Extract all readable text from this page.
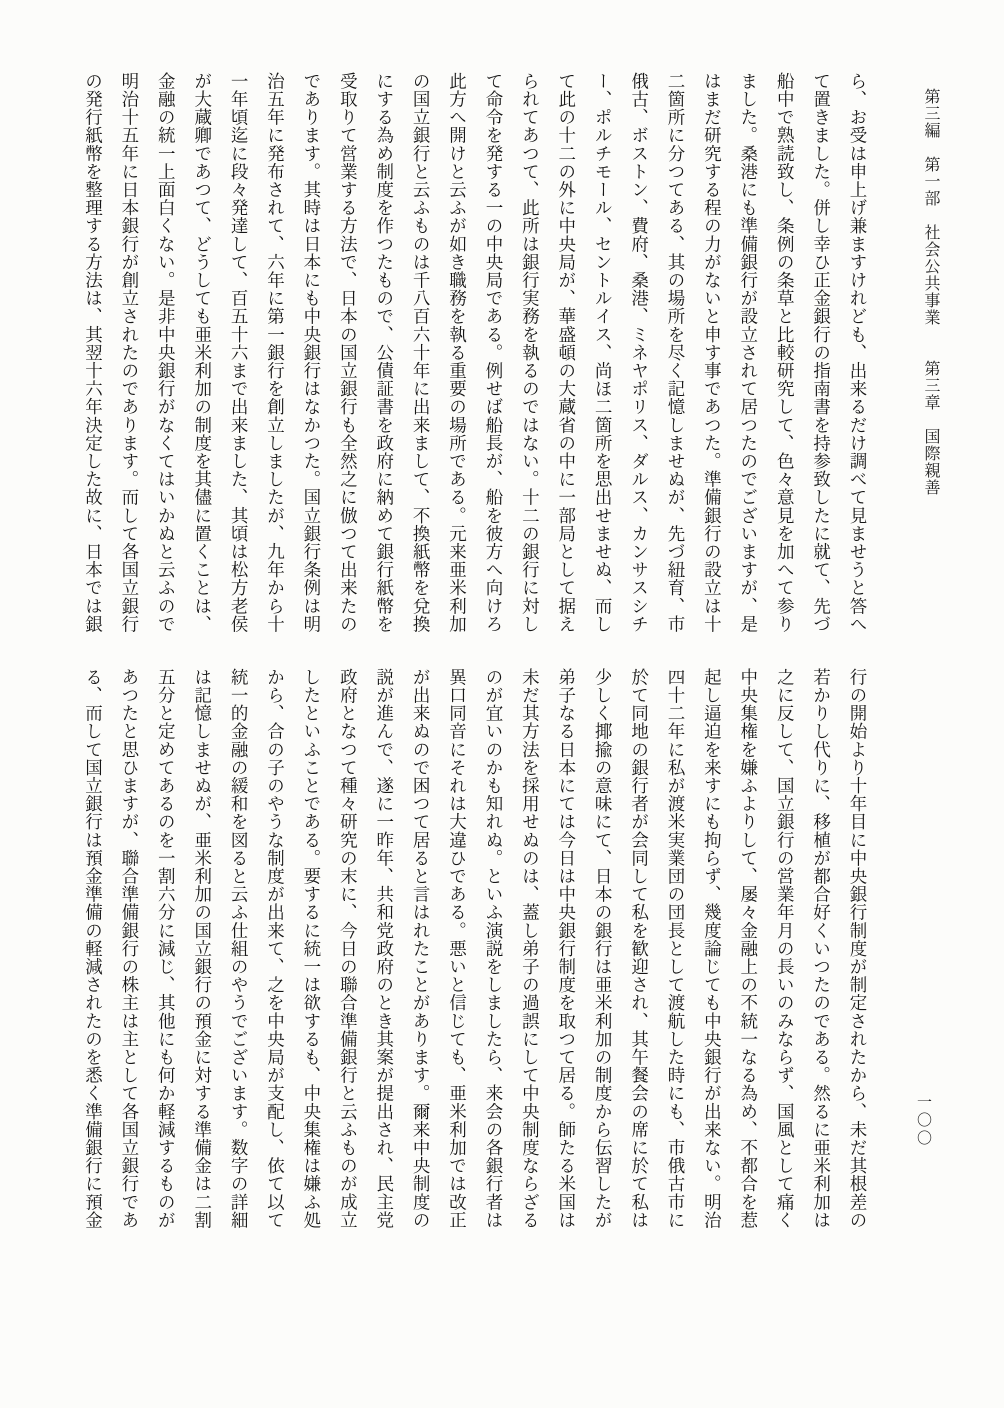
第三編　第一部　社会公共事業　　第三章　国際親善
一〇〇
ら、お受は申上げ兼ますけれども、出来るだけ調べて見ませうと答へ
て置きました。併し幸ひ正金銀行の指南書を持参致したに就て、先づ
船中で熟読致し、条例の条草と比較研究して、色々意見を加へて参り
ました。桑港にも準備銀行が設立されて居つたのでございますが、是
はまだ研究する程の力がないと申す事であつた。準備銀行の設立は十
二箇所に分つてある、其の場所を尽く記憶しませぬが、先づ紐育、市
俄古、ボストン、費府、桑港、ミネヤポリス、ダルス、カンサスシチ
ー、ポルチモール、セントルイス、尚ほ二箇所を思出せませぬ、而し
て此の十二の外に中央局が、華盛頓の大蔵省の中に一部局として据え
られてあつて、此所は銀行実務を執るのではない。十二の銀行に対し
て命令を発する一の中央局である。例せば船長が、船を彼方へ向けろ
此方へ開けと云ふが如き職務を執る重要の場所である。元来亜米利加
の国立銀行と云ふものは千八百六十年に出来まして、不換紙幣を兌換
にする為め制度を作つたもので、公債証書を政府に納めて銀行紙幣を
受取りて営業する方法で、日本の国立銀行も全然之に倣つて出来たの
であります。其時は日本にも中央銀行はなかつた。国立銀行条例は明
治五年に発布されて、六年に第一銀行を創立しましたが、九年から十
一年頃迄に段々発達して、百五十六まで出来ました、其頃は松方老侯
が大蔵卿であつて、どうしても亜米利加の制度を其儘に置くことは、
金融の統一上面白くない。是非中央銀行がなくてはいかぬと云ふので
明治十五年に日本銀行が創立されたのであります。而して各国立銀行
の発行紙幣を整理する方法は、其翌十六年決定した故に、日本では銀
行の開始より十年目に中央銀行制度が制定されたから、未だ其根差の
若かりし代りに、移植が都合好くいつたのである。然るに亜米利加は
之に反して、国立銀行の営業年月の長いのみならず、国風として痛く
中央集権を嫌ふよりして、屡々金融上の不統一なる為め、不都合を惹
起し逼迫を来すにも拘らず、幾度論じても中央銀行が出来ない。明治
四十二年に私が渡米実業団の団長として渡航した時にも、市俄古市に
於て同地の銀行者が会同して私を歓迎され、其午餐会の席に於て私は
少しく揶揄の意味にて、日本の銀行は亜米利加の制度から伝習したが
弟子なる日本にては今日は中央銀行制度を取つて居る。師たる米国は
未だ其方法を採用せぬのは、蓋し弟子の過誤にして中央制度ならざる
のが宜いのかも知れぬ。といふ演説をしましたら、来会の各銀行者は
異口同音にそれは大違ひである。悪いと信じても、亜米利加では改正
が出来ぬので困つて居ると言はれたことがあります。爾来中央制度の
説が進んで、遂に一昨年、共和党政府のとき其案が提出され、民主党
政府となつて種々研究の末に、今日の聯合準備銀行と云ふものが成立
したといふことである。要するに統一は欲するも、中央集権は嫌ふ処
から、合の子のやうな制度が出来て、之を中央局が支配し、依て以て
統一的金融の緩和を図ると云ふ仕組のやうでございます。数字の詳細
は記憶しませぬが、亜米利加の国立銀行の預金に対する準備金は二割
五分と定めてあるのを一割六分に減じ、其他にも何か軽減するものが
あつたと思ひますが、聯合準備銀行の株主は主として各国立銀行であ
る、而して国立銀行は預金準備の軽減されたのを悉く準備銀行に預金
